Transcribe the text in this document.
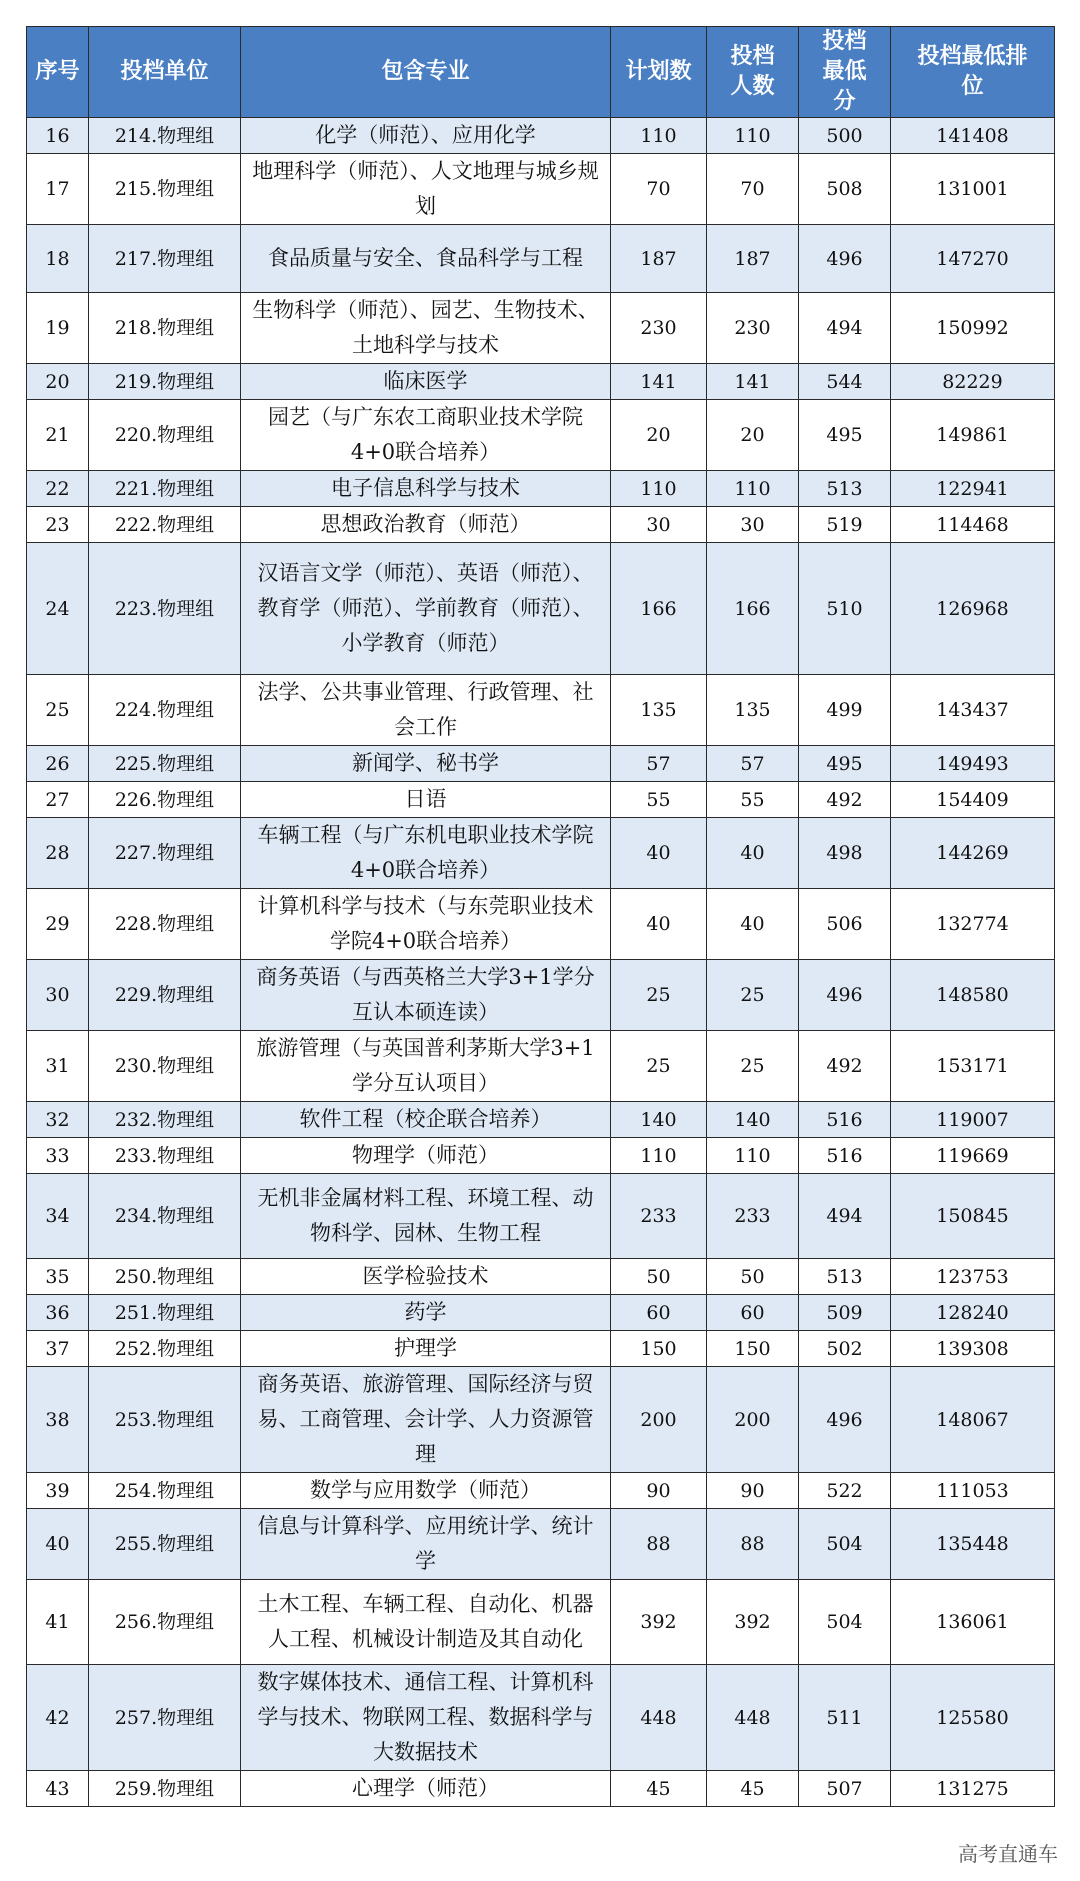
序号	投档单位	包含专业	计划数	投档人数	投档最低分	投档最低排位
16	214.物理组	化学（师范）、应用化学	110	110	500	141408
17	215.物理组	地理科学（师范）、人文地理与城乡规划	70	70	508	131001
18	217.物理组	食品质量与安全、食品科学与工程	187	187	496	147270
19	218.物理组	生物科学（师范）、园艺、生物技术、土地科学与技术	230	230	494	150992
20	219.物理组	临床医学	141	141	544	82229
21	220.物理组	园艺（与广东农工商职业技术学院4+0联合培养）	20	20	495	149861
22	221.物理组	电子信息科学与技术	110	110	513	122941
23	222.物理组	思想政治教育（师范）	30	30	519	114468
24	223.物理组	汉语言文学（师范）、英语（师范）、教育学（师范）、学前教育（师范）、小学教育（师范）	166	166	510	126968
25	224.物理组	法学、公共事业管理、行政管理、社会工作	135	135	499	143437
26	225.物理组	新闻学、秘书学	57	57	495	149493
27	226.物理组	日语	55	55	492	154409
28	227.物理组	车辆工程（与广东机电职业技术学院4+0联合培养）	40	40	498	144269
29	228.物理组	计算机科学与技术（与东莞职业技术学院4+0联合培养）	40	40	506	132774
30	229.物理组	商务英语（与西英格兰大学3+1学分互认本硕连读）	25	25	496	148580
31	230.物理组	旅游管理（与英国普利茅斯大学3+1学分互认项目）	25	25	492	153171
32	232.物理组	软件工程（校企联合培养）	140	140	516	119007
33	233.物理组	物理学（师范）	110	110	516	119669
34	234.物理组	无机非金属材料工程、环境工程、动物科学、园林、生物工程	233	233	494	150845
35	250.物理组	医学检验技术	50	50	513	123753
36	251.物理组	药学	60	60	509	128240
37	252.物理组	护理学	150	150	502	139308
38	253.物理组	商务英语、旅游管理、国际经济与贸易、工商管理、会计学、人力资源管理	200	200	496	148067
39	254.物理组	数学与应用数学（师范）	90	90	522	111053
40	255.物理组	信息与计算科学、应用统计学、统计学	88	88	504	135448
41	256.物理组	土木工程、车辆工程、自动化、机器人工程、机械设计制造及其自动化	392	392	504	136061
42	257.物理组	数字媒体技术、通信工程、计算机科学与技术、物联网工程、数据科学与大数据技术	448	448	511	125580
43	259.物理组	心理学（师范）	45	45	507	131275
高考直通车
